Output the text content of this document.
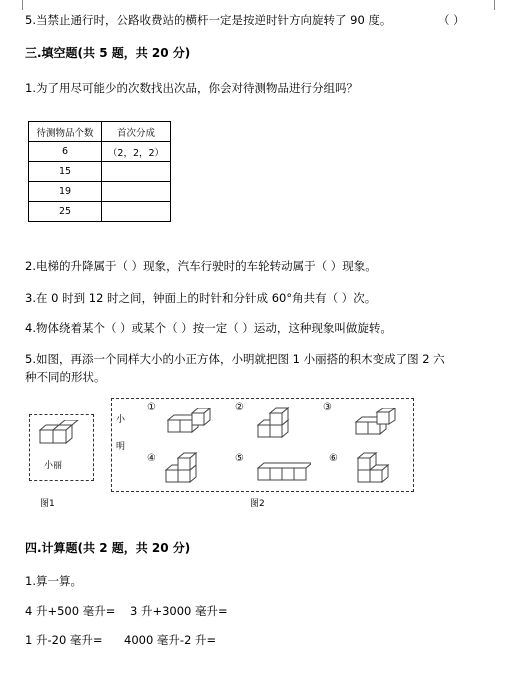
5.当禁止通行时，公路收费站的横杆一定是按逆时针方向旋转了 90 度。	（ ）
三.填空题(共 5 题，共 20 分)
1.为了用尽可能少的次数找出次品，你会对待测物品进行分组吗？
待测物品个数	首次分成
6	（2，2，2）
15	
19	
25	
2.电梯的升降属于（ ）现象，汽车行驶时的车轮转动属于（ ）现象。
3.在 0 时到 12 时之间，钟面上的时针和分针成 60°角共有（ ）次。
4.物体绕着某个（ ）或某个（ ）按一定（ ）运动，这种现象叫做旋转。
5.如图，再添一个同样大小的小正方体，小明就把图 1 小丽搭的积木变成了图 2 六
种不同的形状。
小丽
图1
小
明
①	②	③
④	⑤	⑥
图2
四.计算题(共 2 题，共 20 分)
1.算一算。
4 升+500 毫升= 3 升+3000 毫升=
1 升-20 毫升= 4000 毫升-2 升=
